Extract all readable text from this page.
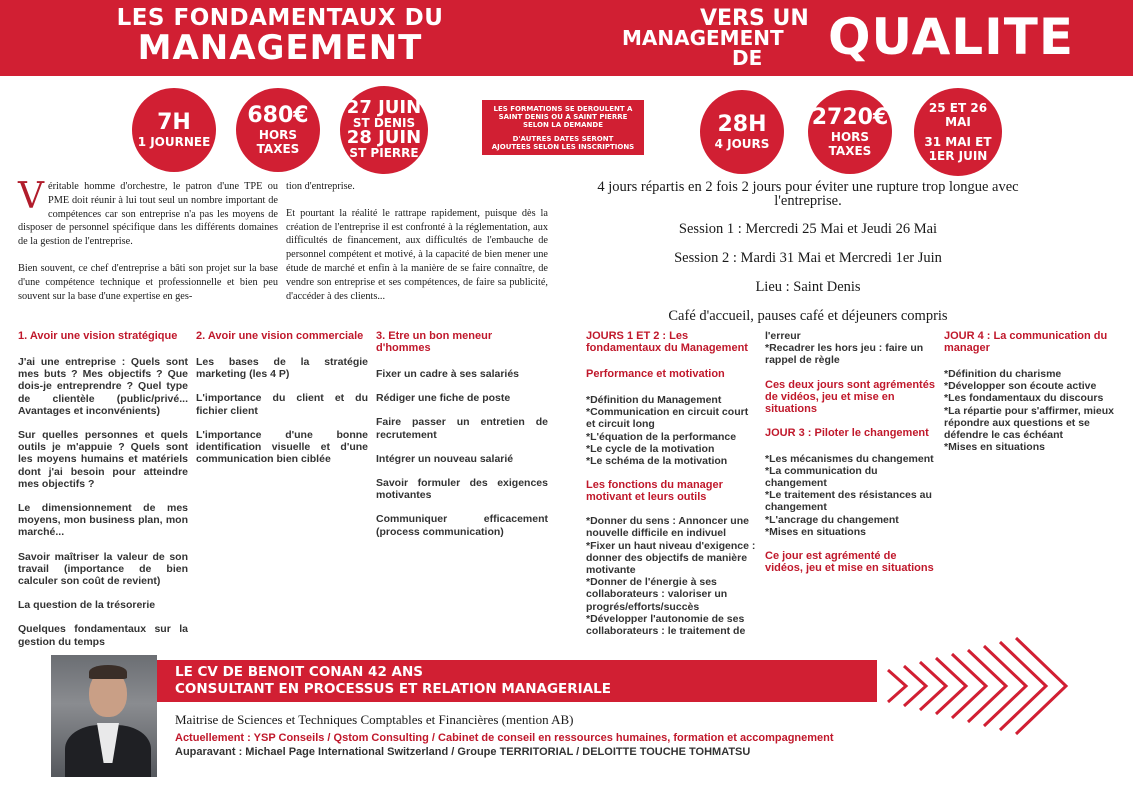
LES FONDAMENTAUX DU
MANAGEMENT
VERS UN
MANAGEMENT
DE QUALITE
7H
1 JOURNEE
680€
HORS
TAXES
27 JUIN
ST DENIS
28 JUIN
ST PIERRE
LES FORMATIONS SE DEROULENT A
SAINT DENIS OU A SAINT PIERRE
SELON LA DEMANDE
D'AUTRES DATES SERONT
AJOUTEES SELON LES INSCRIPTIONS
28H
4 JOURS
2720€
HORS
TAXES
25 ET 26
MAI
31 MAI ET
1ER JUIN
V éritable homme d'orchestre, le patron d'une TPE ou PME doit réunir à lui tout seul un nombre important de compétences car son entreprise n'a pas les moyens de disposer de personnel spécifique dans les différents domaines de la gestion de l'entreprise.

Bien souvent, ce chef d'entreprise a bâti son projet sur la base d'une compétence technique et professionnelle et bien peu souvent sur la base d'une expertise en ges-

tion d'entreprise.

Et pourtant la réalité le rattrape rapidement, puisque dès la création de l'entreprise il est confronté à la réglementation, aux difficultés de financement, aux difficultés de l'embauche de personnel compétent et motivé, à la capacité de bien mener une étude de marché et enfin à la manière de se faire connaître, de vendre son entreprise et ses compétences, de faire sa publicité, d'accéder à des clients...

4 jours répartis en 2 fois 2 jours pour éviter une rupture trop longue avec l'entreprise.

Session 1 : Mercredi 25 Mai et Jeudi 26 Mai

Session 2 : Mardi 31 Mai et Mercredi 1er Juin

Lieu : Saint Denis

Café d'accueil, pauses café et déjeuners compris

1. Avoir une vision stratégique

J'ai une entreprise : Quels sont mes buts ? Mes objectifs ? Que dois-je entreprendre ? Quel type de clientèle (public/privé... Avantages et inconvénients)

Sur quelles personnes et quels outils je m'appuie ? Quels sont les moyens humains et matériels dont j'ai besoin pour atteindre mes objectifs ?

Le dimensionnement de mes moyens, mon business plan, mon marché...

Savoir maîtriser la valeur de son travail (importance de bien calculer son coût de revient)

La question de la trésorerie

Quelques fondamentaux sur la gestion du temps

2. Avoir une vision commerciale

Les bases de la stratégie marketing (les 4 P)

L'importance du client et du fichier client

L'importance d'une bonne identification visuelle et d'une communication bien ciblée

3. Etre un bon meneur d'hommes

Fixer un cadre à ses salariés

Rédiger une fiche de poste

Faire passer un entretien de recrutement

Intégrer un nouveau salarié

Savoir formuler des exigences motivantes

Communiquer efficacement (process communication)

JOURS 1 ET 2 : Les fondamentaux du Management
Performance et motivation
*Définition du Management
*Communication en circuit court et circuit long
*L'équation de la performance
*Le cycle de la motivation
*Le schéma de la motivation
Les fonctions du manager motivant et leurs outils
*Donner du sens : Annoncer une nouvelle difficile en indivuel
*Fixer un haut niveau d'exigence : donner des objectifs de manière motivante
*Donner de l'énergie à ses collaborateurs : valoriser un progrés/efforts/succès
*Développer l'autonomie de ses collaborateurs : le traitement de
l'erreur
*Recadrer les hors jeu : faire un rappel de règle
Ces deux jours sont agrémentés de vidéos, jeu et mise en situations
JOUR 3 : Piloter le changement
*Les mécanismes du changement
*La communication du changement
*Le traitement des résistances au changement
*L'ancrage du changement
*Mises en situations
Ce jour est agrémenté de vidéos, jeu et mise en situations
JOUR 4 : La communication du manager
*Définition du charisme
*Développer son écoute active
*Les fondamentaux du discours
*La répartie pour s'affirmer, mieux répondre aux questions et se défendre le cas échéant
*Mises en situations
LE CV DE BENOIT CONAN 42 ANS
CONSULTANT EN PROCESSUS ET RELATION MANAGERIALE
Maitrise de Sciences et Techniques Comptables et Financières (mention AB)
Actuellement : YSP Conseils / Qstom Consulting / Cabinet de conseil en ressources humaines, formation et accompagnement
Auparavant : Michael Page International Switzerland / Groupe TERRITORIAL / DELOITTE TOUCHE TOHMATSU
